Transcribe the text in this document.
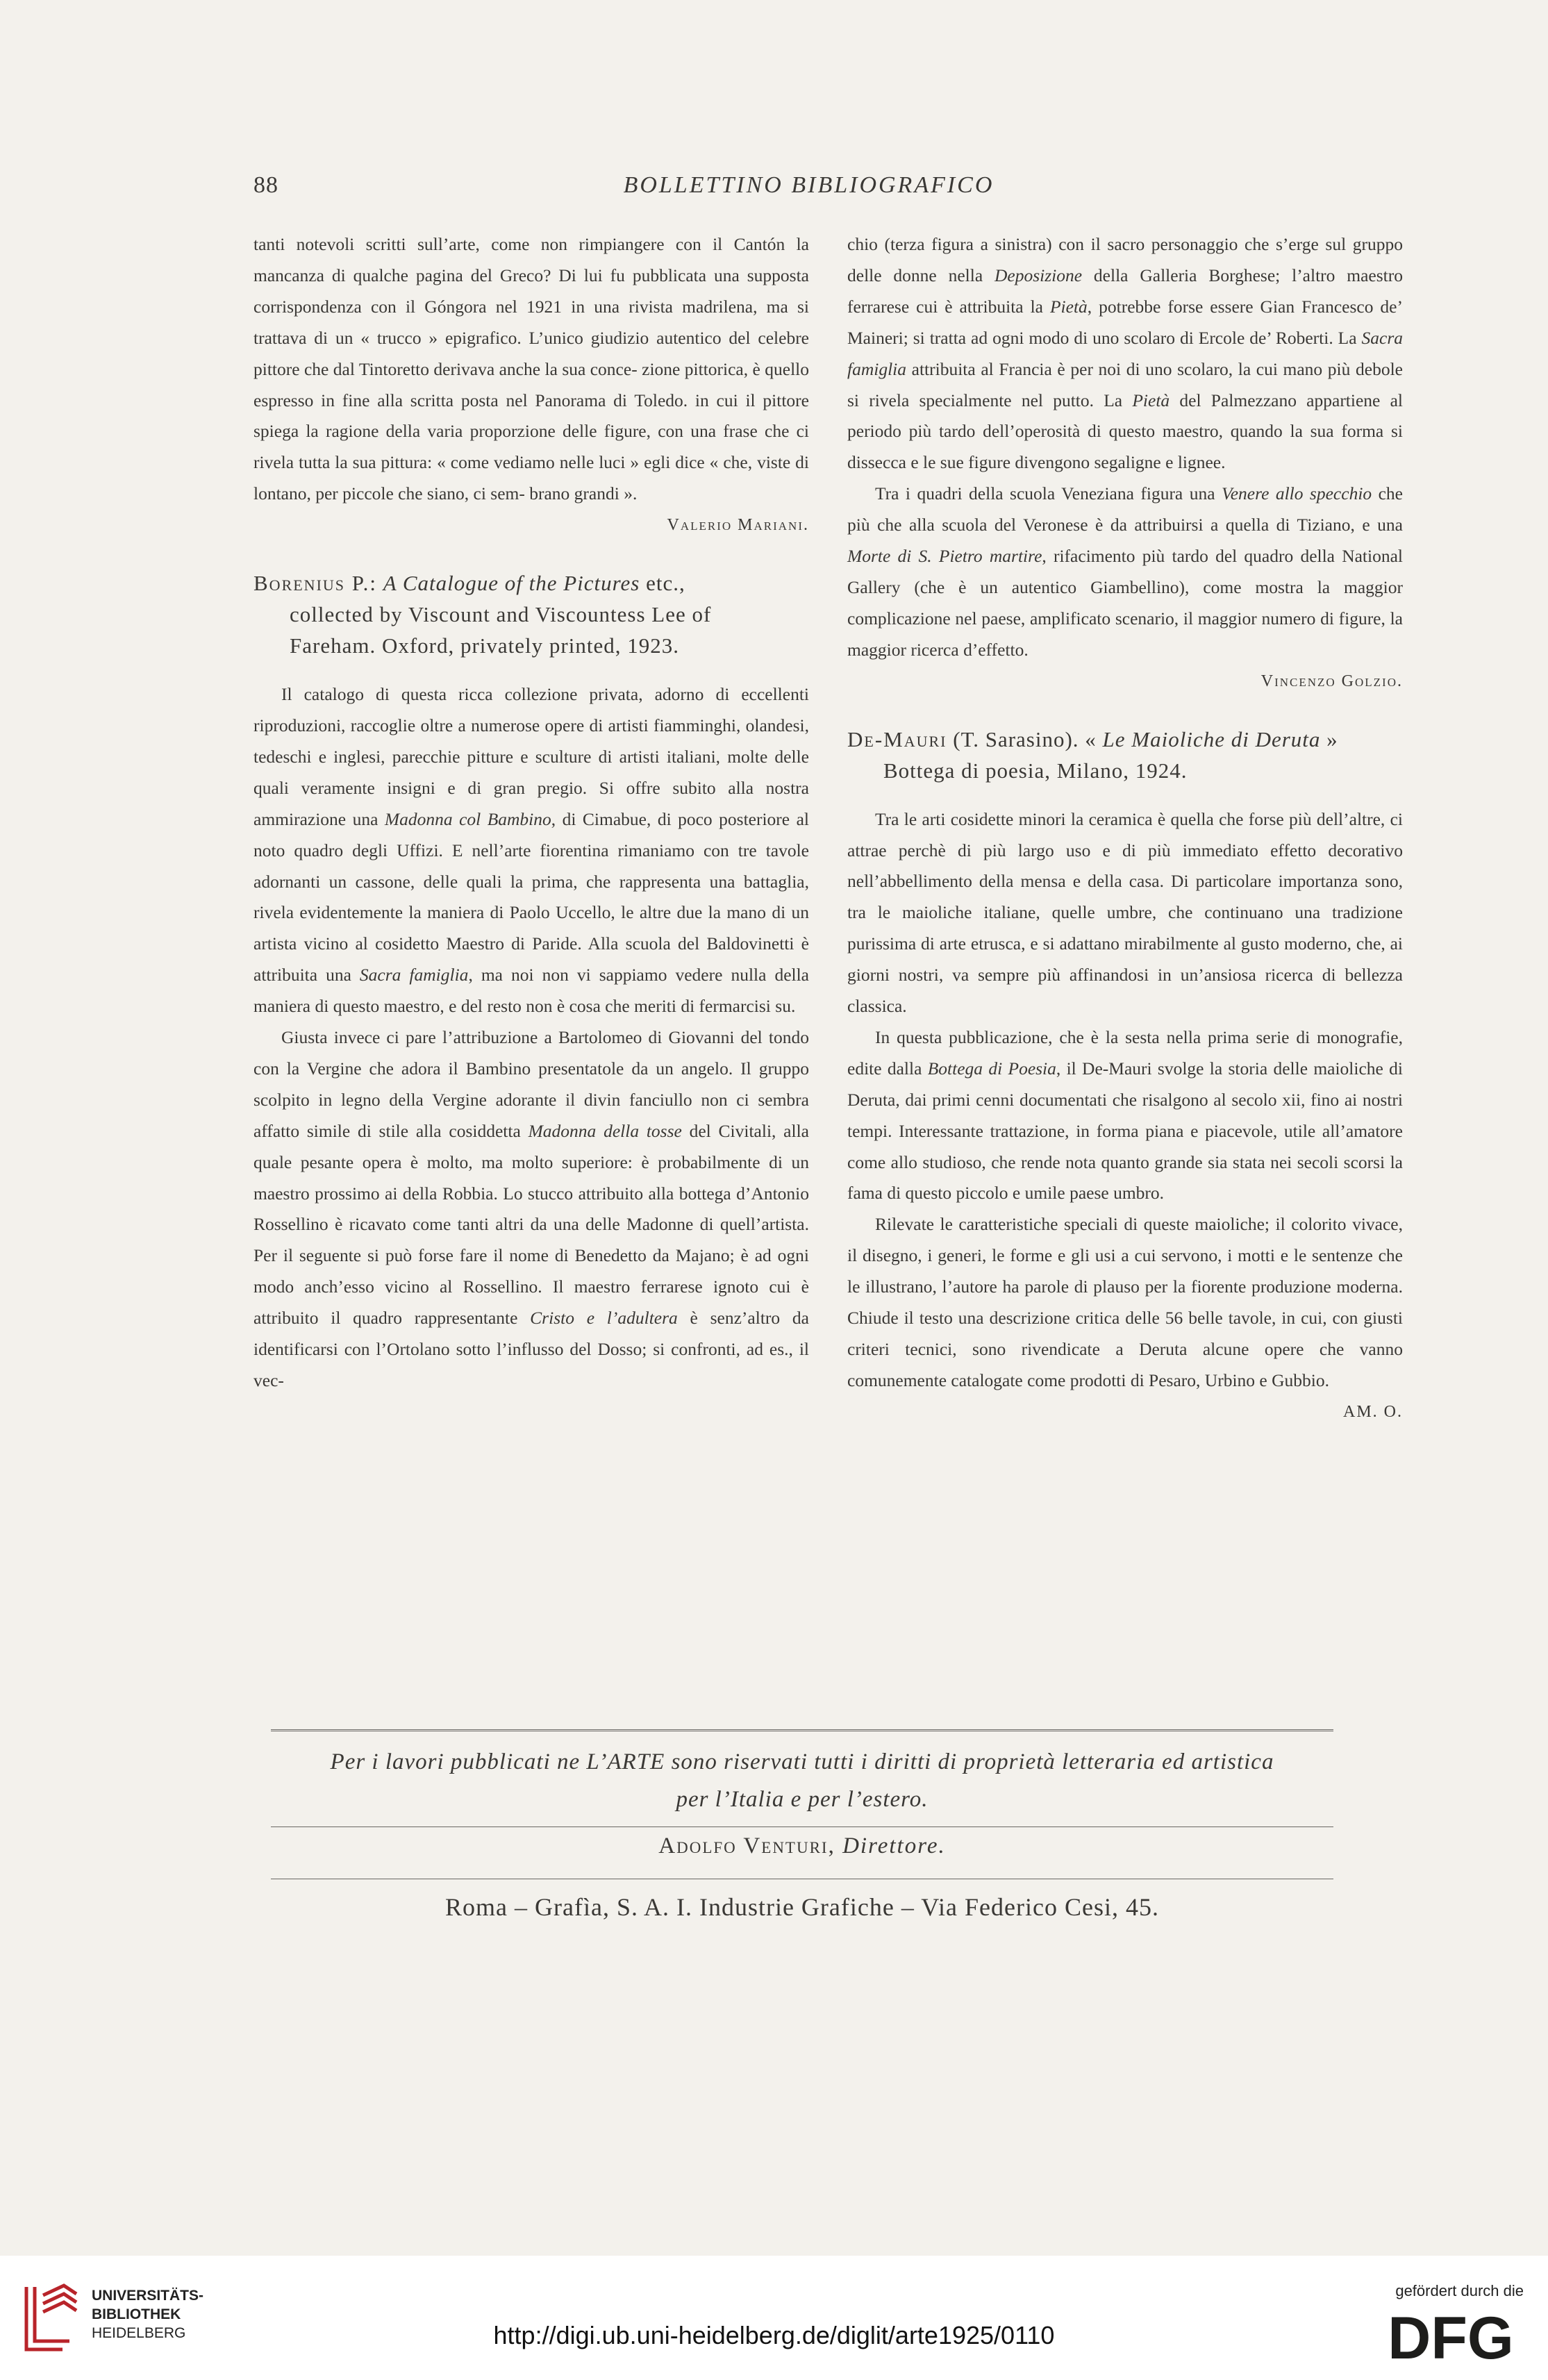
88	BOLLETTINO BIBLIOGRAFICO

tanti notevoli scritti sull’arte, come non rimpiangere con il Cantón la mancanza di qualche pagina del Greco? Di lui fu pubblicata una supposta corrispondenza con il Góngora nel 1921 in una rivista madrilena, ma si trattava di un « trucco » epigrafico. L’unico giudizio autentico del celebre pittore che dal Tintoretto derivava anche la sua conce- zione pittorica, è quello espresso in fine alla scritta posta nel Panorama di Toledo. in cui il pittore spiega la ragione della varia proporzione delle figure, con una frase che ci rivela tutta la sua pittura: « come vediamo nelle luci » egli dice « che, viste di lontano, per piccole che siano, ci sem- brano grandi ».

Valerio Mariani.

Borenius P.: A Catalogue of the Pictures etc.,
collected by Viscount and Viscountess Lee of
Fareham. Oxford, privately printed, 1923.

Il catalogo di questa ricca collezione privata, adorno di eccellenti riproduzioni, raccoglie oltre a numerose opere di artisti fiamminghi, olandesi, tedeschi e inglesi, parecchie pitture e sculture di artisti italiani, molte delle quali veramente insigni e di gran pregio. Si offre subito alla nostra ammirazione una Madonna col Bambino, di Cimabue, di poco posteriore al noto quadro degli Uffizi. E nell’arte fiorentina rimaniamo con tre tavole adornanti un cassone, delle quali la prima, che rappresenta una battaglia, rivela evidentemente la maniera di Paolo Uccello, le altre due la mano di un artista vicino al cosidetto Maestro di Paride. Alla scuola del Baldovinetti è attribuita una Sacra famiglia, ma noi non vi sappiamo vedere nulla della maniera di questo maestro, e del resto non è cosa che meriti di fermarcisi su.

Giusta invece ci pare l’attribuzione a Bartolomeo di Giovanni del tondo con la Vergine che adora il Bambino presentatole da un angelo. Il gruppo scolpito in legno della Vergine adorante il divin fanciullo non ci sembra affatto simile di stile alla cosiddetta Madonna della tosse del Civitali, alla quale pesante opera è molto, ma molto superiore: è probabilmente di un maestro prossimo ai della Robbia. Lo stucco attribuito alla bottega d’Antonio Rossellino è ricavato come tanti altri da una delle Madonne di quell’artista. Per il seguente si può forse fare il nome di Benedetto da Majano; è ad ogni modo anch’esso vicino al Rossellino. Il maestro ferrarese ignoto cui è attribuito il quadro rappresentante Cristo e l’adultera è senz’altro da identificarsi con l’Ortolano sotto l’influsso del Dosso; si confronti, ad es., il vec-

chio (terza figura a sinistra) con il sacro personaggio che s’erge sul gruppo delle donne nella Deposizione della Galleria Borghese; l’altro maestro ferrarese cui è attribuita la Pietà, potrebbe forse essere Gian Francesco de’ Maineri; si tratta ad ogni modo di uno scolaro di Ercole de’ Roberti. La Sacra famiglia attribuita al Francia è per noi di uno scolaro, la cui mano più debole si rivela specialmente nel putto. La Pietà del Palmezzano appartiene al periodo più tardo dell’operosità di questo maestro, quando la sua forma si dissecca e le sue figure divengono segaligne e lignee.

Tra i quadri della scuola Veneziana figura una Venere allo specchio che più che alla scuola del Veronese è da attribuirsi a quella di Tiziano, e una Morte di S. Pietro martire, rifacimento più tardo del quadro della National Gallery (che è un autentico Giambellino), come mostra la maggior complicazione nel paese, amplificato scenario, il maggior numero di figure, la maggior ricerca d’effetto.

Vincenzo Golzio.

De-Mauri (T. Sarasino). « Le Maioliche di Deruta »
Bottega di poesia, Milano, 1924.

Tra le arti cosidette minori la ceramica è quella che forse più dell’altre, ci attrae perchè di più largo uso e di più immediato effetto decorativo nell’abbellimento della mensa e della casa. Di particolare importanza sono, tra le maioliche italiane, quelle umbre, che continuano una tradizione purissima di arte etrusca, e si adattano mirabilmente al gusto moderno, che, ai giorni nostri, va sempre più affinandosi in un’ansiosa ricerca di bellezza classica.

In questa pubblicazione, che è la sesta nella prima serie di monografie, edite dalla Bottega di Poesia, il De-Mauri svolge la storia delle maioliche di Deruta, dai primi cenni documentati che risalgono al secolo xii, fino ai nostri tempi. Interessante trattazione, in forma piana e piacevole, utile all’amatore come allo studioso, che rende nota quanto grande sia stata nei secoli scorsi la fama di questo piccolo e umile paese umbro.

Rilevate le caratteristiche speciali di queste maioliche; il colorito vivace, il disegno, i generi, le forme e gli usi a cui servono, i motti e le sentenze che le illustrano, l’autore ha parole di plauso per la fiorente produzione moderna. Chiude il testo una descrizione critica delle 56 belle tavole, in cui, con giusti criteri tecnici, sono rivendicate a Deruta alcune opere che vanno comunemente catalogate come prodotti di Pesaro, Urbino e Gubbio.

AM. O.

Per i lavori pubblicati ne L’ARTE sono riservati tutti i diritti di proprietà letteraria ed artistica
per l’Italia e per l’estero.
Adolfo Venturi, Direttore.
Roma – Grafìa, S. A. I. Industrie Grafiche – Via Federico Cesi, 45.
UNIVERSITÄTS-
BIBLIOTHEK
HEIDELBERG	http://digi.ub.uni-heidelberg.de/diglit/arte1925/0110
gefördert durch die
DFG
